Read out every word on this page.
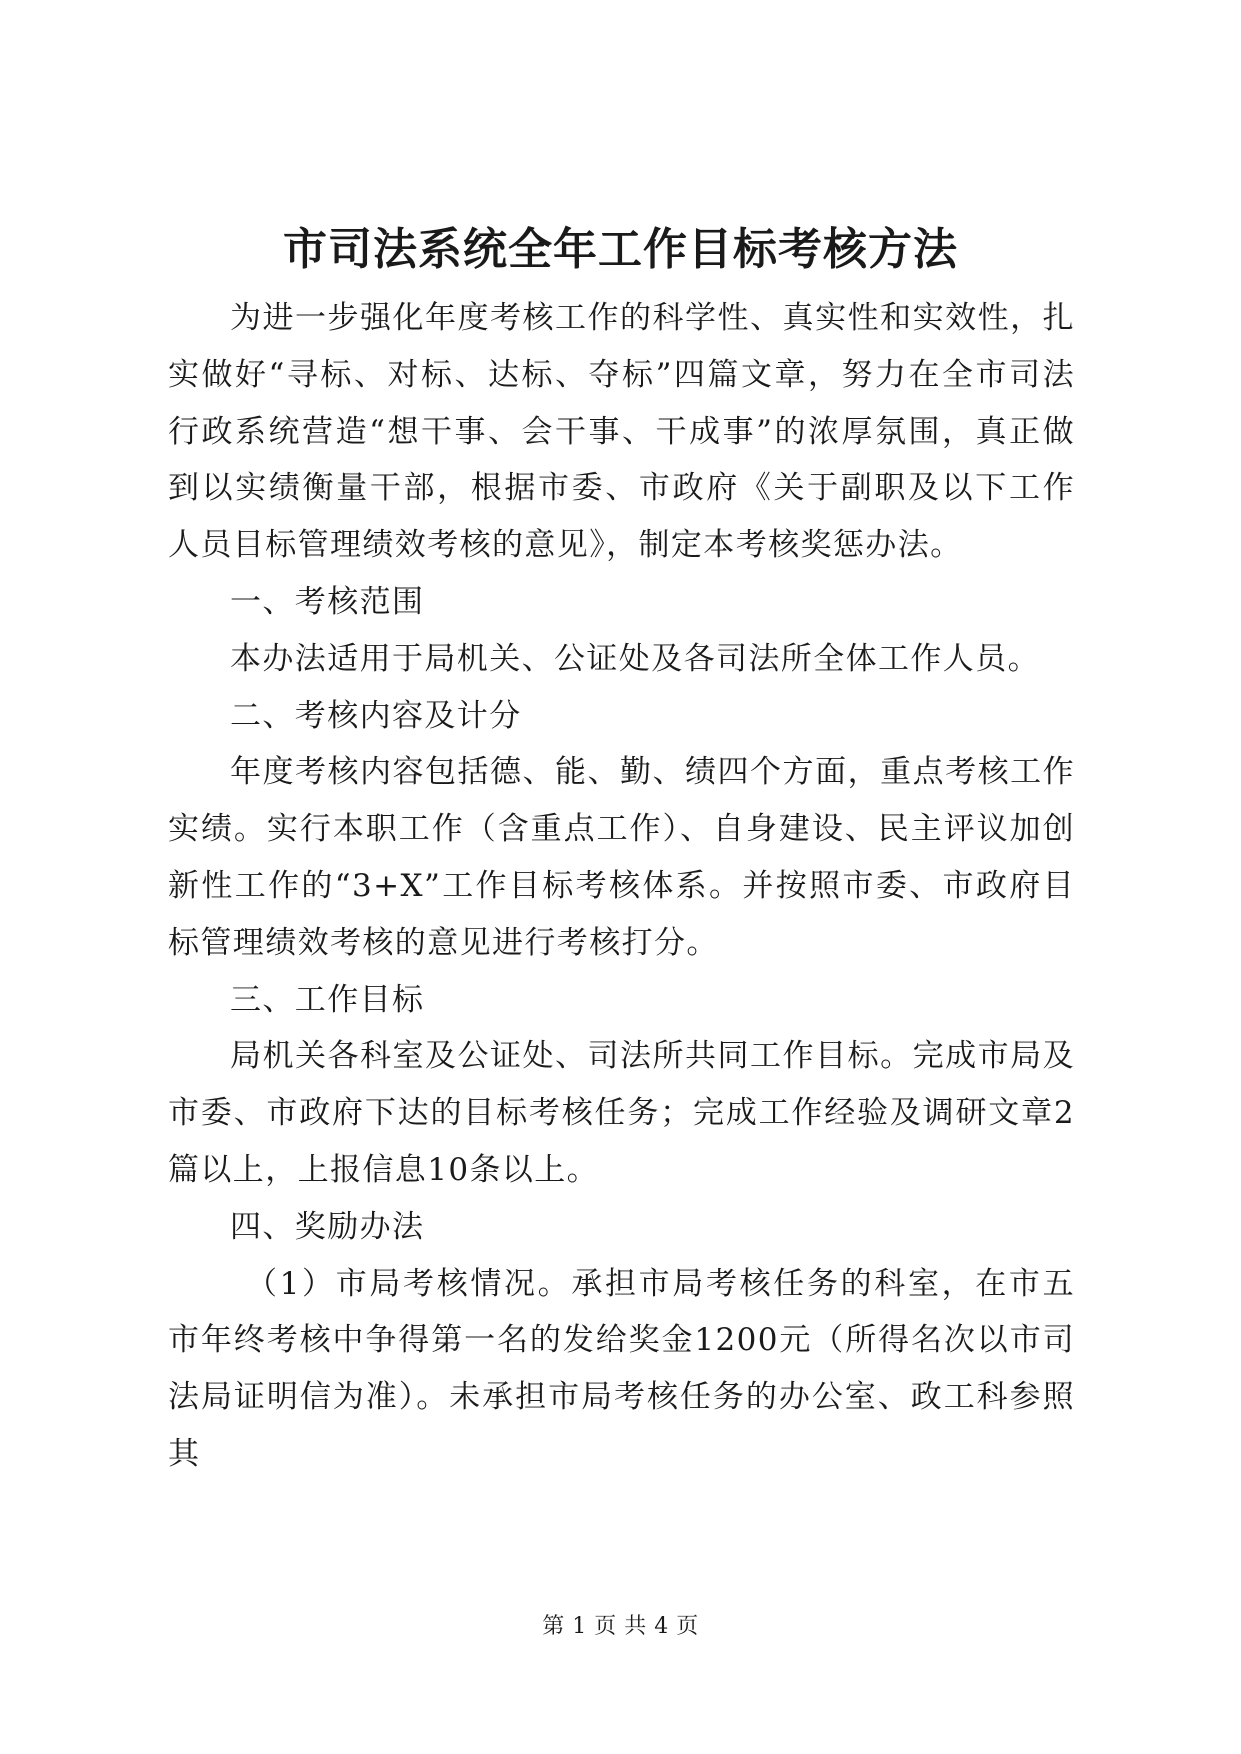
市司法系统全年工作目标考核方法

为进一步强化年度考核工作的科学性、真实性和实效性，扎实做好“寻标、对标、达标、夺标”四篇文章，努力在全市司法行政系统营造“想干事、会干事、干成事”的浓厚氛围，真正做到以实绩衡量干部，根据市委、市政府《关于副职及以下工作人员目标管理绩效考核的意见》，制定本考核奖惩办法。

一、考核范围

本办法适用于局机关、公证处及各司法所全体工作人员。

二、考核内容及计分

年度考核内容包括德、能、勤、绩四个方面，重点考核工作实绩。实行本职工作（含重点工作）、自身建设、民主评议加创新性工作的“3+X”工作目标考核体系。并按照市委、市政府目标管理绩效考核的意见进行考核打分。

三、工作目标

局机关各科室及公证处、司法所共同工作目标。完成市局及市委、市政府下达的目标考核任务；完成工作经验及调研文章2篇以上，上报信息10条以上。

四、奖励办法

（1）市局考核情况。承担市局考核任务的科室，在市五市年终考核中争得第一名的发给奖金1200元（所得名次以市司法局证明信为准）。未承担市局考核任务的办公室、政工科参照其

第 1 页 共 4 页
